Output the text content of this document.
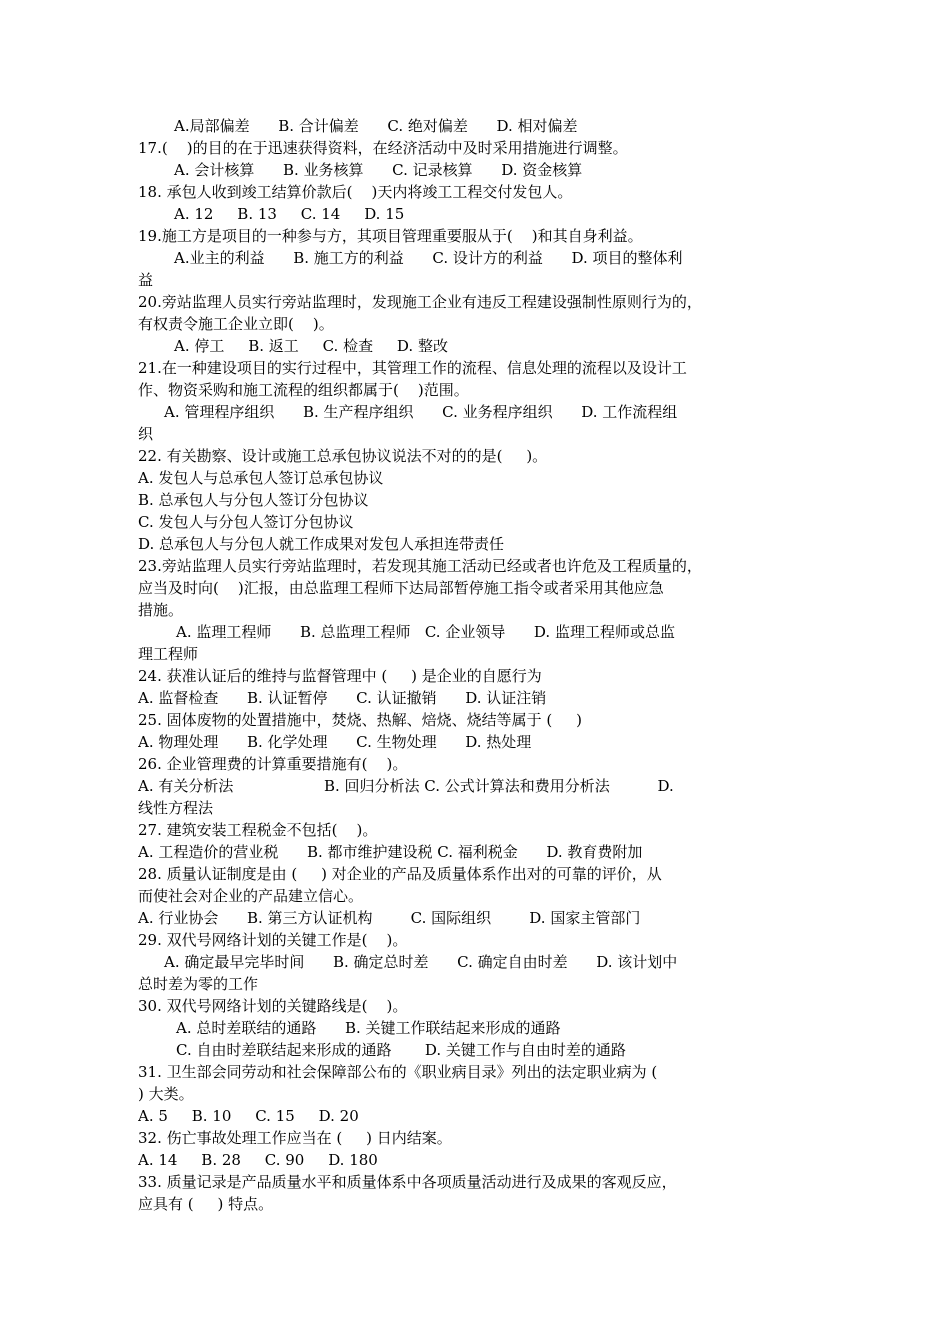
A.局部偏差      B. 合计偏差      C. 绝对偏差      D. 相对偏差
17.(    )的目的在于迅速获得资料，在经济活动中及时采用措施进行调整。
A. 会计核算      B. 业务核算      C. 记录核算      D. 资金核算
18. 承包人收到竣工结算价款后(    )天内将竣工工程交付发包人。
A. 12     B. 13     C. 14     D. 15
19.施工方是项目的一种参与方，其项目管理重要服从于(    )和其自身利益。
A.业主的利益      B. 施工方的利益      C. 设计方的利益      D. 项目的整体利
益
20.旁站监理人员实行旁站监理时，发现施工企业有违反工程建设强制性原则行为的，
有权责令施工企业立即(    )。
A. 停工     B. 返工     C. 检查     D. 整改
21.在一种建设项目的实行过程中，其管理工作的流程、信息处理的流程以及设计工
作、物资采购和施工流程的组织都属于(    )范围。
A. 管理程序组织      B. 生产程序组织      C. 业务程序组织      D. 工作流程组
织
22. 有关勘察、设计或施工总承包协议说法不对的的是(     )。
A. 发包人与总承包人签订总承包协议
B. 总承包人与分包人签订分包协议
C. 发包人与分包人签订分包协议
D. 总承包人与分包人就工作成果对发包人承担连带责任
23.旁站监理人员实行旁站监理时，若发现其施工活动已经或者也许危及工程质量的，
应当及时向(    )汇报，由总监理工程师下达局部暂停施工指令或者采用其他应急
措施。
A. 监理工程师      B. 总监理工程师   C. 企业领导      D. 监理工程师或总监
理工程师
24. 获准认证后的维持与监督管理中 (     ) 是企业的自愿行为
A. 监督检查      B. 认证暂停      C. 认证撤销      D. 认证注销
25. 固体废物的处置措施中，焚烧、热解、焙烧、烧结等属于 (     )
A. 物理处理      B. 化学处理      C. 生物处理      D. 热处理
26. 企业管理费的计算重要措施有(    )。
A. 有关分析法                   B. 回归分析法 C. 公式计算法和费用分析法          D.
线性方程法
27. 建筑安装工程税金不包括(    )。
A. 工程造价的营业税      B. 都市维护建设税 C. 福利税金      D. 教育费附加
28. 质量认证制度是由 (     ) 对企业的产品及质量体系作出对的可靠的评价，从
而使社会对企业的产品建立信心。
A. 行业协会      B. 第三方认证机构        C. 国际组织        D. 国家主管部门
29. 双代号网络计划的关键工作是(    )。
A. 确定最早完毕时间      B. 确定总时差      C. 确定自由时差      D. 该计划中
总时差为零的工作
30. 双代号网络计划的关键路线是(    )。
A. 总时差联结的通路      B. 关键工作联结起来形成的通路
C. 自由时差联结起来形成的通路       D. 关键工作与自由时差的通路
31. 卫生部会同劳动和社会保障部公布的《职业病目录》列出的法定职业病为 (
) 大类。
A. 5     B. 10     C. 15     D. 20
32. 伤亡事故处理工作应当在 (     ) 日内结案。
A. 14     B. 28     C. 90     D. 180
33. 质量记录是产品质量水平和质量体系中各项质量活动进行及成果的客观反应，
应具有 (     ) 特点。
